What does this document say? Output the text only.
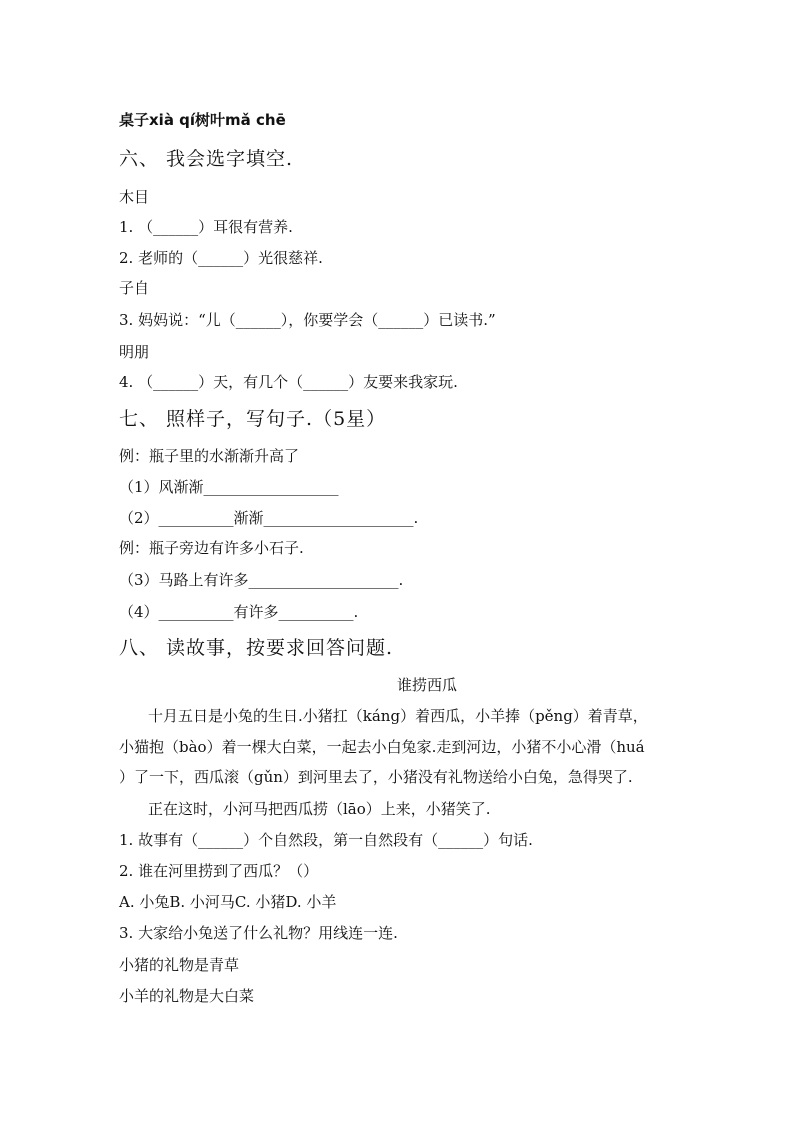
桌子xià qí树叶mǎ chē
六、 我会选字填空.
木目
1. （______）耳很有营养.
2. 老师的（______）光很慈祥.
子自
3. 妈妈说：“儿（______），你要学会（______）已读书.”
明朋
4. （______）天，有几个（______）友要来我家玩.
七、 照样子，写句子.（5星）
例：瓶子里的水渐渐升高了
（1）风渐渐__________________
（2）__________渐渐____________________.
例：瓶子旁边有许多小石子.
（3）马路上有许多____________________.
（4）__________有许多__________.
八、 读故事，按要求回答问题.
谁捞西瓜
十月五日是小兔的生日.小猪扛（káng）着西瓜，小羊捧（pěng）着青草，
小猫抱（bào）着一棵大白菜，一起去小白兔家.走到河边，小猪不小心滑（huá
）了一下，西瓜滚（gǔn）到河里去了，小猪没有礼物送给小白兔，急得哭了.
正在这时，小河马把西瓜捞（lāo）上来，小猪笑了.
1. 故事有（______）个自然段，第一自然段有（______）句话.
2. 谁在河里捞到了西瓜？（）
A. 小兔B. 小河马C. 小猪D. 小羊
3. 大家给小兔送了什么礼物？用线连一连.
小猪的礼物是青草
小羊的礼物是大白菜
